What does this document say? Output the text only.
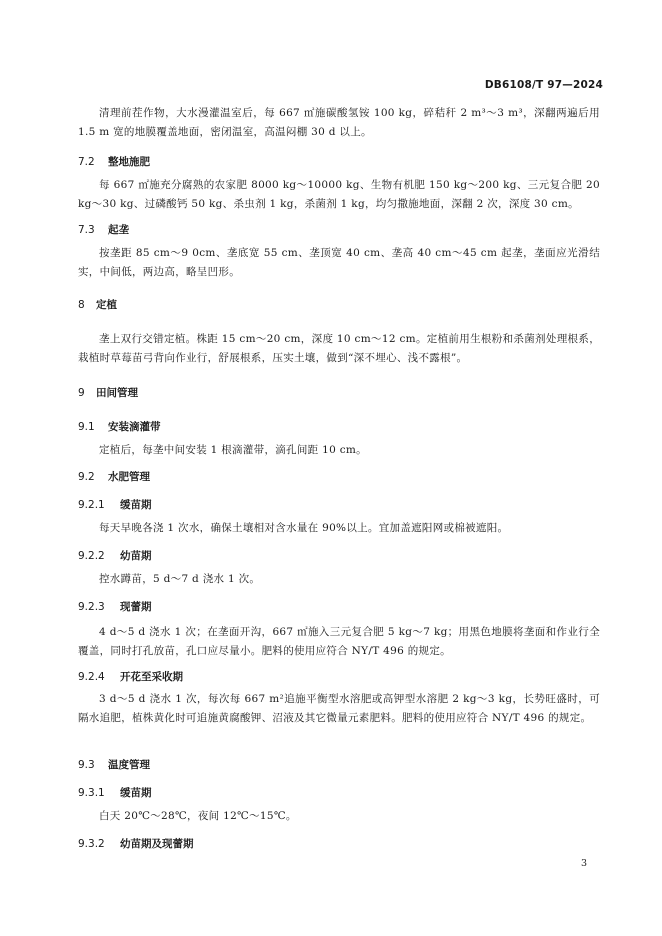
DB6108/T 97—2024
清理前茬作物，大水漫灌温室后，每 667 ㎡施碳酸氢铵 100 kg，碎秸秆 2 m³～3 m³，深翻两遍后用 1.5 m 宽的地膜覆盖地面，密闭温室，高温闷棚 30 d 以上。
7.2 整地施肥
每 667 ㎡施充分腐熟的农家肥 8000 kg～10000 kg、生物有机肥 150 kg～200 kg、三元复合肥 20 kg～30 kg、过磷酸钙 50 kg、杀虫剂 1 kg，杀菌剂 1 kg，均匀撒施地面，深翻 2 次，深度 30 cm。
7.3 起垄
按垄距 85 cm～9 0cm、垄底宽 55 cm、垄顶宽 40 cm、垄高 40 cm～45 cm 起垄，垄面应光滑结实，中间低，两边高，略呈凹形。
8 定植
垄上双行交错定植。株距 15 cm～20 cm，深度 10 cm～12 cm。定植前用生根粉和杀菌剂处理根系，栽植时草莓苗弓背向作业行，舒展根系，压实土壤，做到“深不埋心、浅不露根”。
9 田间管理
9.1 安装滴灌带
定植后，每垄中间安装 1 根滴灌带，滴孔间距 10 cm。
9.2 水肥管理
9.2.1 缓苗期
每天早晚各浇 1 次水，确保土壤相对含水量在 90%以上。宜加盖遮阳网或棉被遮阳。
9.2.2 幼苗期
控水蹲苗，5 d～7 d 浇水 1 次。
9.2.3 现蕾期
4 d～5 d 浇水 1 次；在垄面开沟，667 ㎡施入三元复合肥 5 kg～7 kg；用黑色地膜将垄面和作业行全覆盖，同时打孔放苗，孔口应尽量小。肥料的使用应符合 NY/T 496 的规定。
9.2.4 开花至采收期
3 d～5 d 浇水 1 次，每次每 667 m²追施平衡型水溶肥或高钾型水溶肥 2 kg～3 kg，长势旺盛时，可隔水追肥，植株黄化时可追施黄腐酸钾、沼液及其它微量元素肥料。肥料的使用应符合 NY/T 496 的规定。
9.3 温度管理
9.3.1 缓苗期
白天 20℃～28℃，夜间 12℃～15℃。
9.3.2 幼苗期及现蕾期
3
